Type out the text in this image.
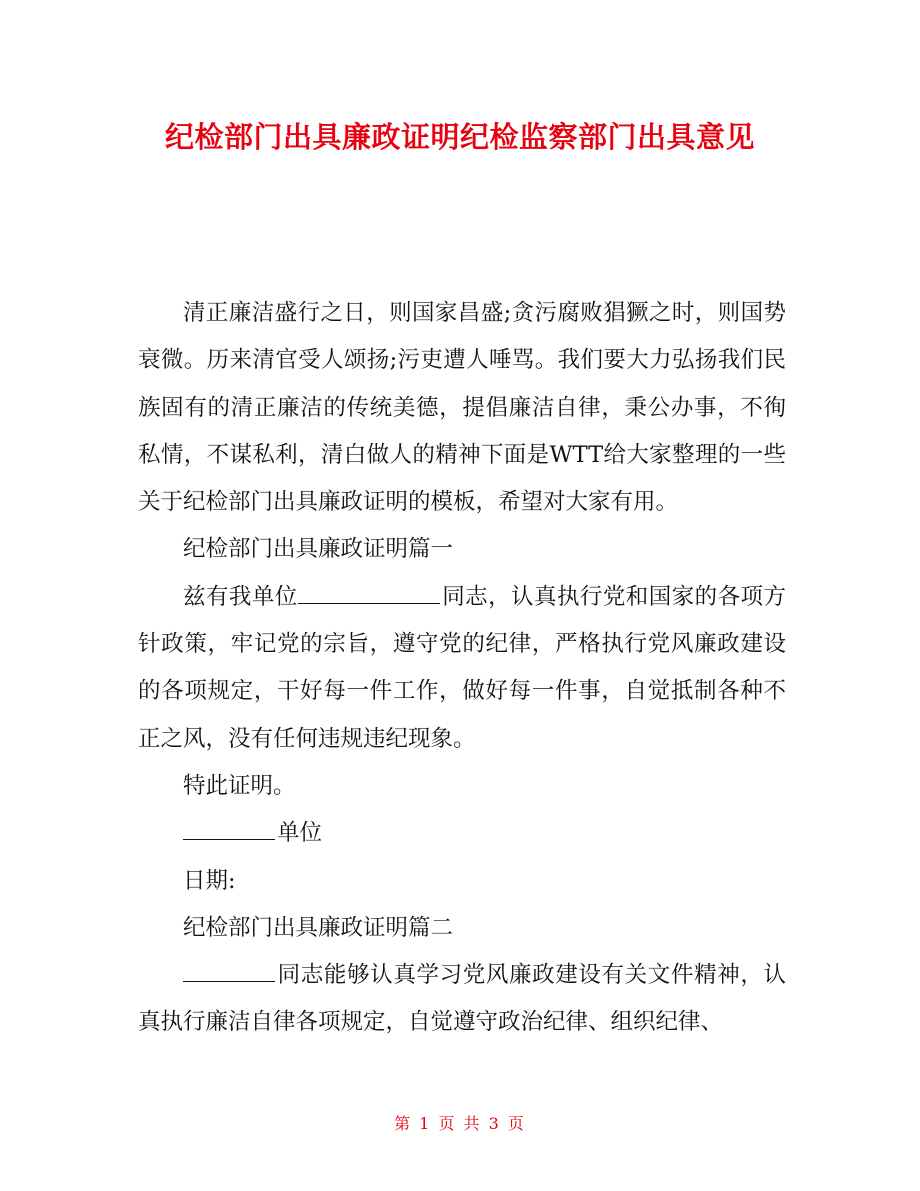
纪检部门出具廉政证明纪检监察部门出具意见

清正廉洁盛行之日，则国家昌盛;贪污腐败猖獗之时，则国势衰微。历来清官受人颂扬;污吏遭人唾骂。我们要大力弘扬我们民族固有的清正廉洁的传统美德，提倡廉洁自律，秉公办事，不徇私情，不谋私利，清白做人的精神下面是WTT给大家整理的一些关于纪检部门出具廉政证明的模板，希望对大家有用。

纪检部门出具廉政证明篇一

兹有我单位	同志，认真执行党和国家的各项方针政策，牢记党的宗旨，遵守党的纪律，严格执行党风廉政建设的各项规定，干好每一件工作，做好每一件事，自觉抵制各种不正之风，没有任何违规违纪现象。

特此证明。

单位

日期:

纪检部门出具廉政证明篇二

同志能够认真学习党风廉政建设有关文件精神，认真执行廉洁自律各项规定，自觉遵守政治纪律、组织纪律、

第 1 页 共 3 页
